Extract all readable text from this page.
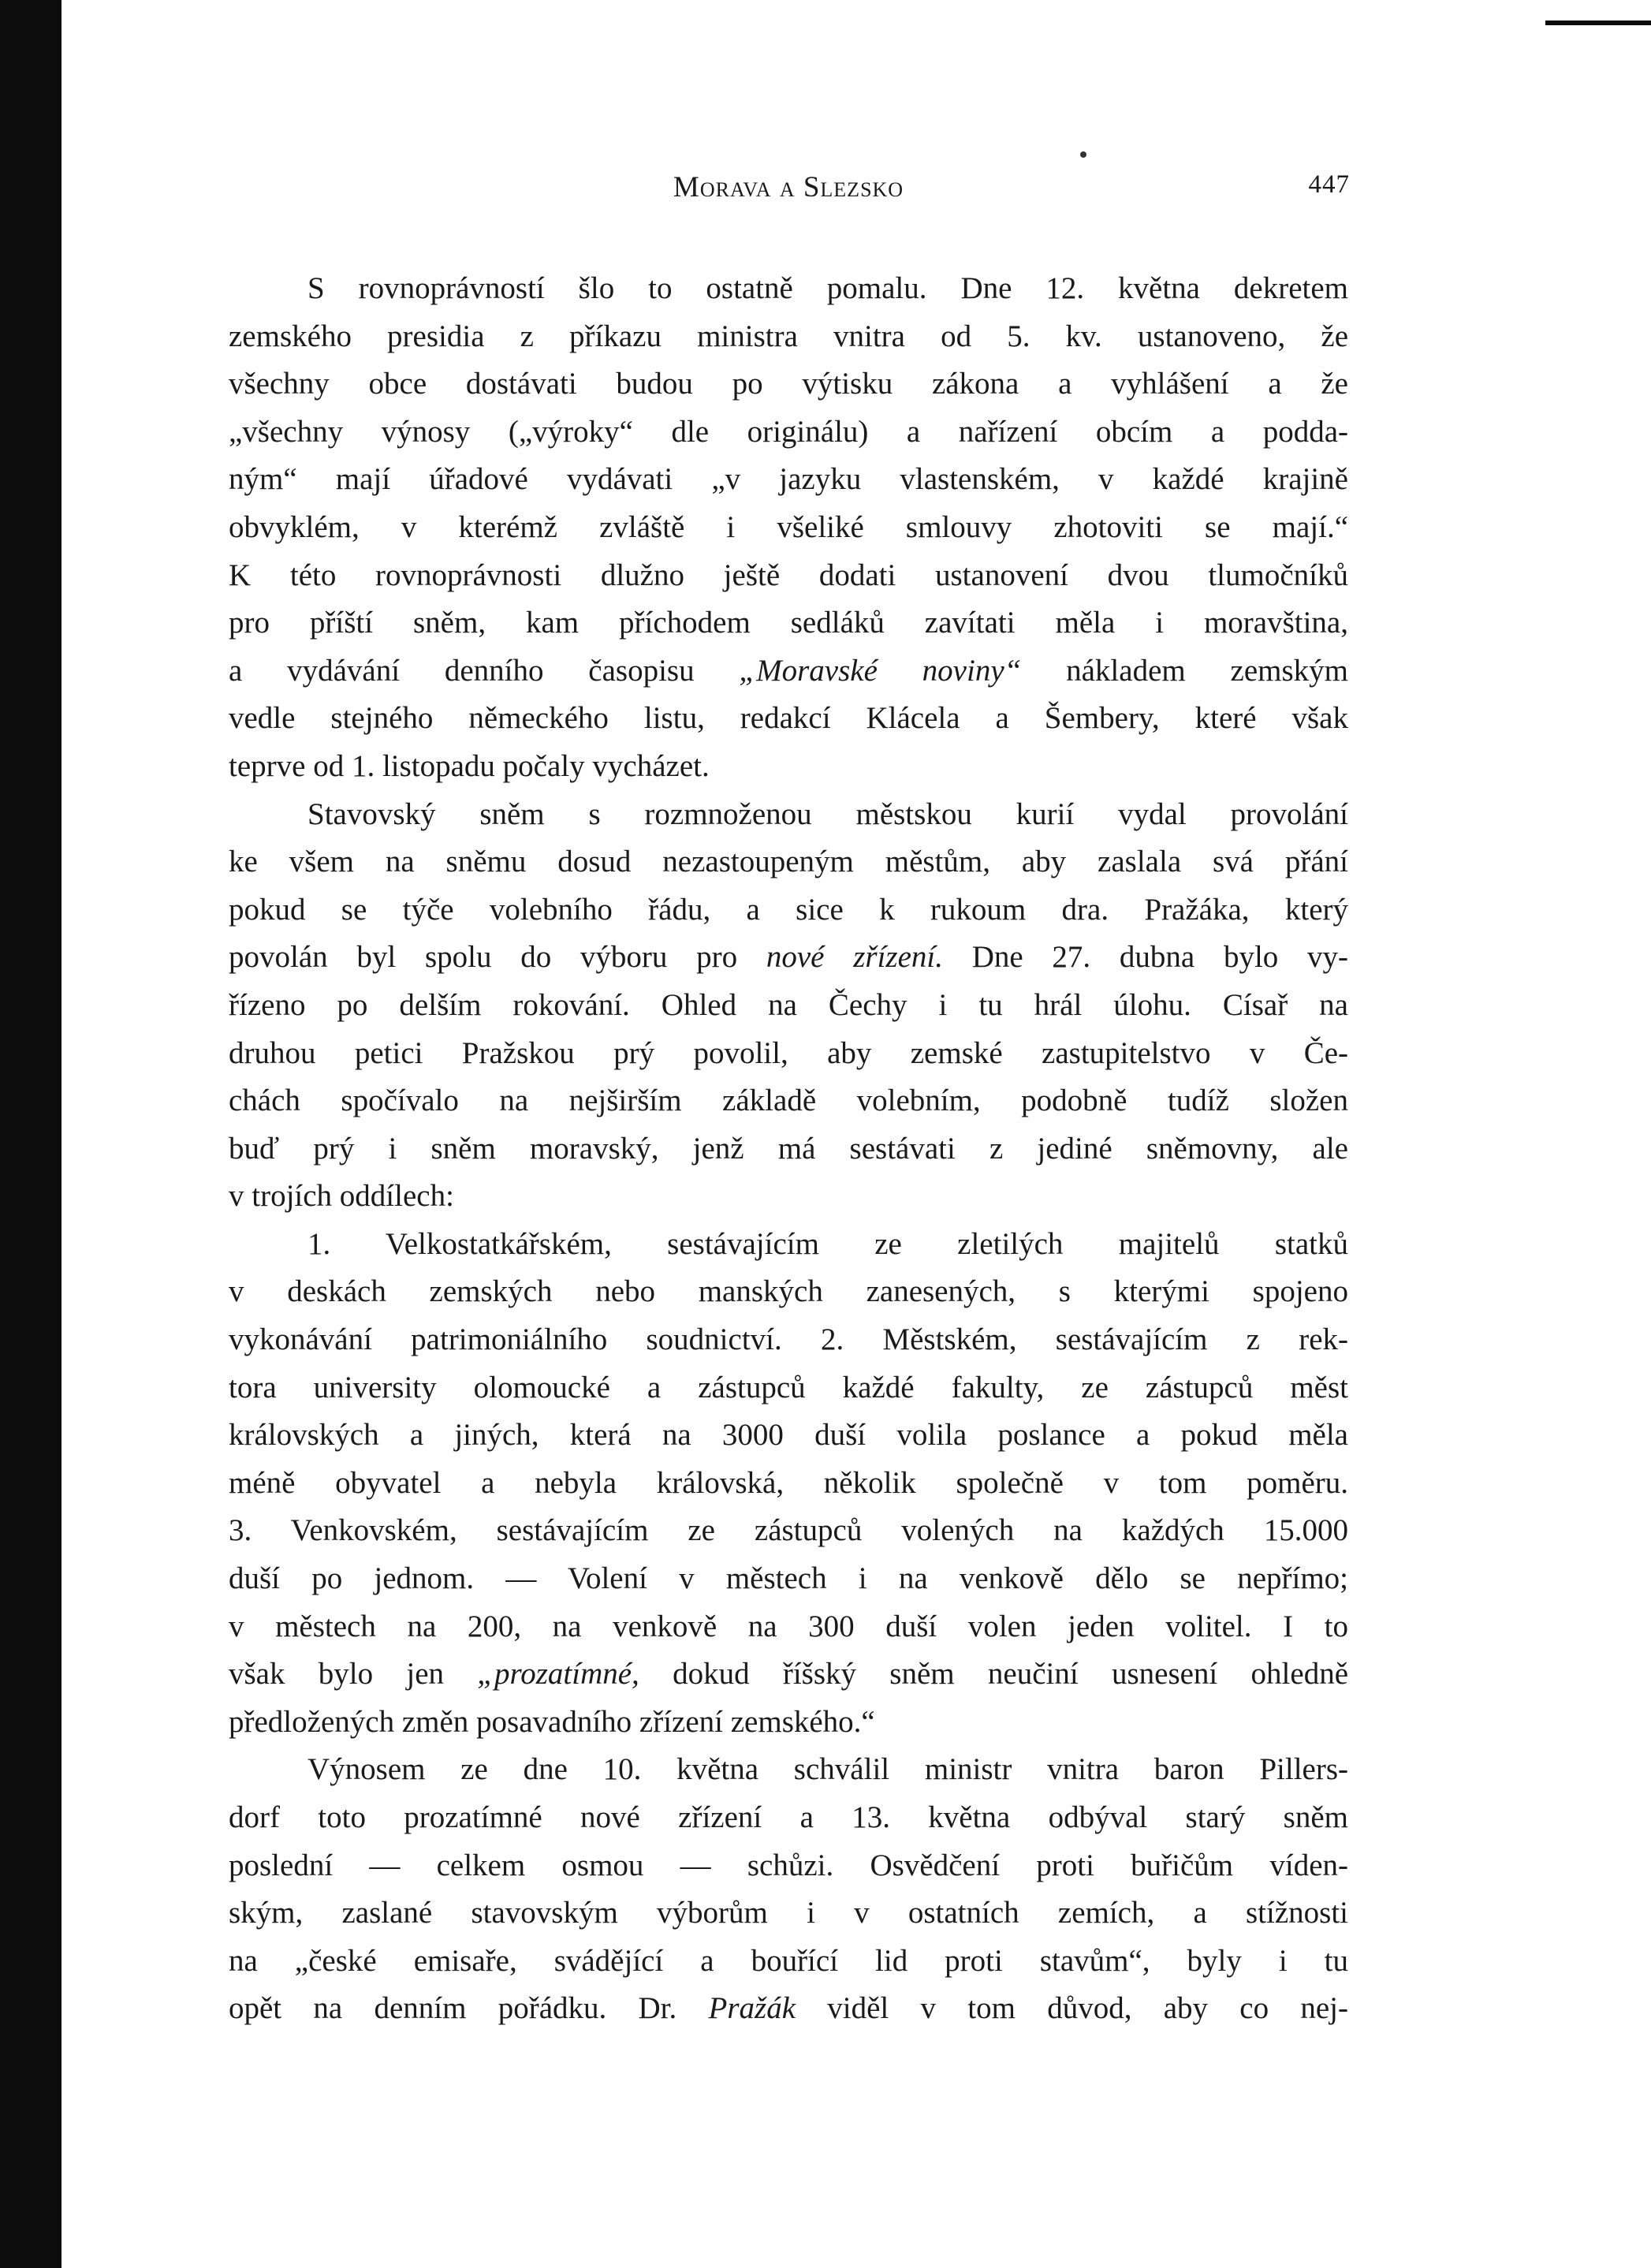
Morava a Slezsko	447
S rovnoprávností šlo to ostatně pomalu. Dne 12. května dekretem
zemského presidia z příkazu ministra vnitra od 5. kv. ustanoveno, že
všechny obce dostávati budou po výtisku zákona a vyhlášení a že
„všechny výnosy („výroky“ dle originálu) a nařízení obcím a podda-
ným“ mají úřadové vydávati „v jazyku vlastenském, v každé krajině
obvyklém, v kterémž zvláště i všeliké smlouvy zhotoviti se mají.“
K této rovnoprávnosti dlužno ještě dodati ustanovení dvou tlumočníků
pro příští sněm, kam příchodem sedláků zavítati měla i moravština,
a vydávání denního časopisu „Moravské noviny“ nákladem zemským
vedle stejného německého listu, redakcí Klácela a Šembery, které však
teprve od 1. listopadu počaly vycházet.
Stavovský sněm s rozmnoženou městskou kurií vydal provolání
ke všem na sněmu dosud nezastoupeným městům, aby zaslala svá přání
pokud se týče volebního řádu, a sice k rukoum dra. Pražáka, který
povolán byl spolu do výboru pro nové zřízení. Dne 27. dubna bylo vy-
řízeno po delším rokování. Ohled na Čechy i tu hrál úlohu. Císař na
druhou petici Pražskou prý povolil, aby zemské zastupitelstvo v Če-
chách spočívalo na nejširším základě volebním, podobně tudíž složen
buď prý i sněm moravský, jenž má sestávati z jediné sněmovny, ale
v trojích oddílech:
1. Velkostatkářském, sestávajícím ze zletilých majitelů statků
v deskách zemských nebo manských zanesených, s kterými spojeno
vykonávání patrimoniálního soudnictví. 2. Městském, sestávajícím z rek-
tora university olomoucké a zástupců každé fakulty, ze zástupců měst
královských a jiných, která na 3000 duší volila poslance a pokud měla
méně obyvatel a nebyla královská, několik společně v tom poměru.
3. Venkovském, sestávajícím ze zástupců volených na každých 15.000
duší po jednom. — Volení v městech i na venkově dělo se nepřímo;
v městech na 200, na venkově na 300 duší volen jeden volitel. I to
však bylo jen „prozatímné, dokud říšský sněm neučiní usnesení ohledně
předložených změn posavadního zřízení zemského.“
Výnosem ze dne 10. května schválil ministr vnitra baron Pillers-
dorf toto prozatímné nové zřízení a 13. května odbýval starý sněm
poslední — celkem osmou — schůzi. Osvědčení proti buřičům víden-
ským, zaslané stavovským výborům i v ostatních zemích, a stížnosti
na „české emisaře, svádějící a bouřící lid proti stavům“, byly i tu
opět na denním pořádku. Dr. Pražák viděl v tom důvod, aby co nej-
